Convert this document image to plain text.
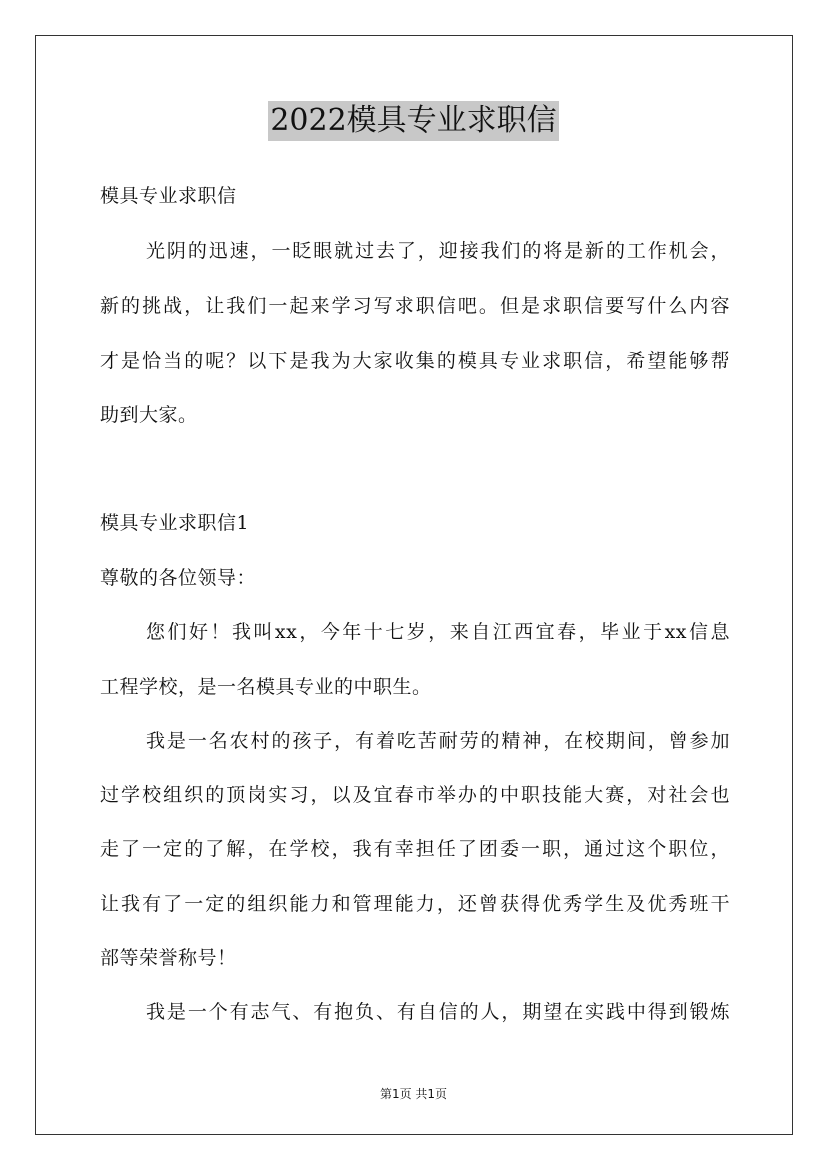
2022模具专业求职信
模具专业求职信
光阴的迅速，一眨眼就过去了，迎接我们的将是新的工作机会，
新的挑战，让我们一起来学习写求职信吧。但是求职信要写什么内容
才是恰当的呢？以下是我为大家收集的模具专业求职信，希望能够帮
助到大家。
模具专业求职信1
尊敬的各位领导：
您们好！我叫xx，今年十七岁，来自江西宜春，毕业于xx信息
工程学校，是一名模具专业的中职生。
我是一名农村的孩子，有着吃苦耐劳的精神，在校期间，曾参加
过学校组织的顶岗实习，以及宜春市举办的中职技能大赛，对社会也
走了一定的了解，在学校，我有幸担任了团委一职，通过这个职位，
让我有了一定的组织能力和管理能力，还曾获得优秀学生及优秀班干
部等荣誉称号！
我是一个有志气、有抱负、有自信的人，期望在实践中得到锻炼
第1页 共1页
